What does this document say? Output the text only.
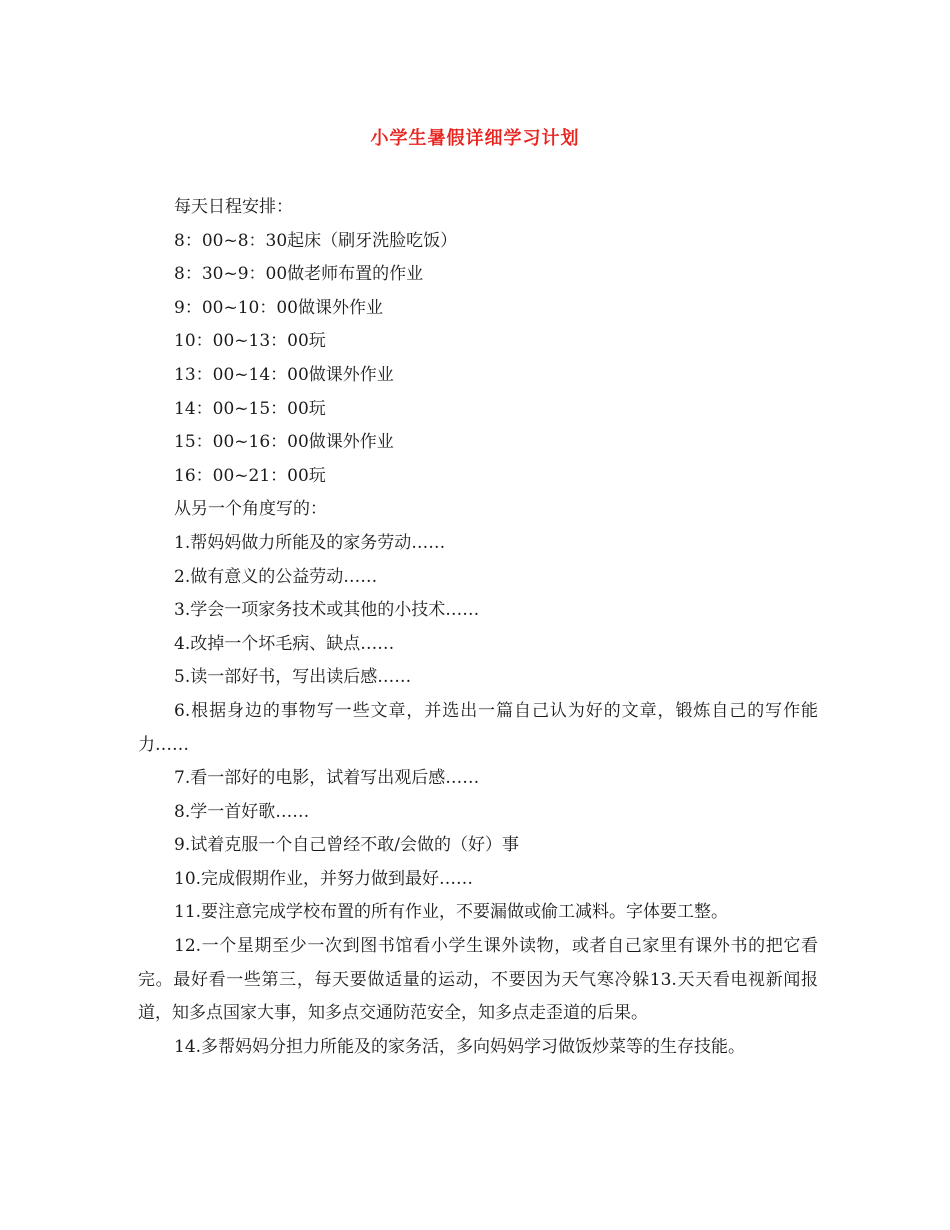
小学生暑假详细学习计划

每天日程安排：

8：00~8：30起床（刷牙洗脸吃饭）

8：30~9：00做老师布置的作业

9：00~10：00做课外作业

10：00~13：00玩

13：00~14：00做课外作业

14：00~15：00玩

15：00~16：00做课外作业

16：00~21：00玩

从另一个角度写的：

1.帮妈妈做力所能及的家务劳动……

2.做有意义的公益劳动……

3.学会一项家务技术或其他的小技术……

4.改掉一个坏毛病、缺点……

5.读一部好书，写出读后感……

6.根据身边的事物写一些文章，并选出一篇自己认为好的文章，锻炼自己的写作能力……

7.看一部好的电影，试着写出观后感……

8.学一首好歌……

9.试着克服一个自己曾经不敢/会做的（好）事

10.完成假期作业，并努力做到最好……

11.要注意完成学校布置的所有作业，不要漏做或偷工减料。字体要工整。

12.一个星期至少一次到图书馆看小学生课外读物，或者自己家里有课外书的把它看完。最好看一些第三，每天要做适量的运动，不要因为天气寒冷躲13.天天看电视新闻报道，知多点国家大事，知多点交通防范安全，知多点走歪道的后果。

14.多帮妈妈分担力所能及的家务活，多向妈妈学习做饭炒菜等的生存技能。
